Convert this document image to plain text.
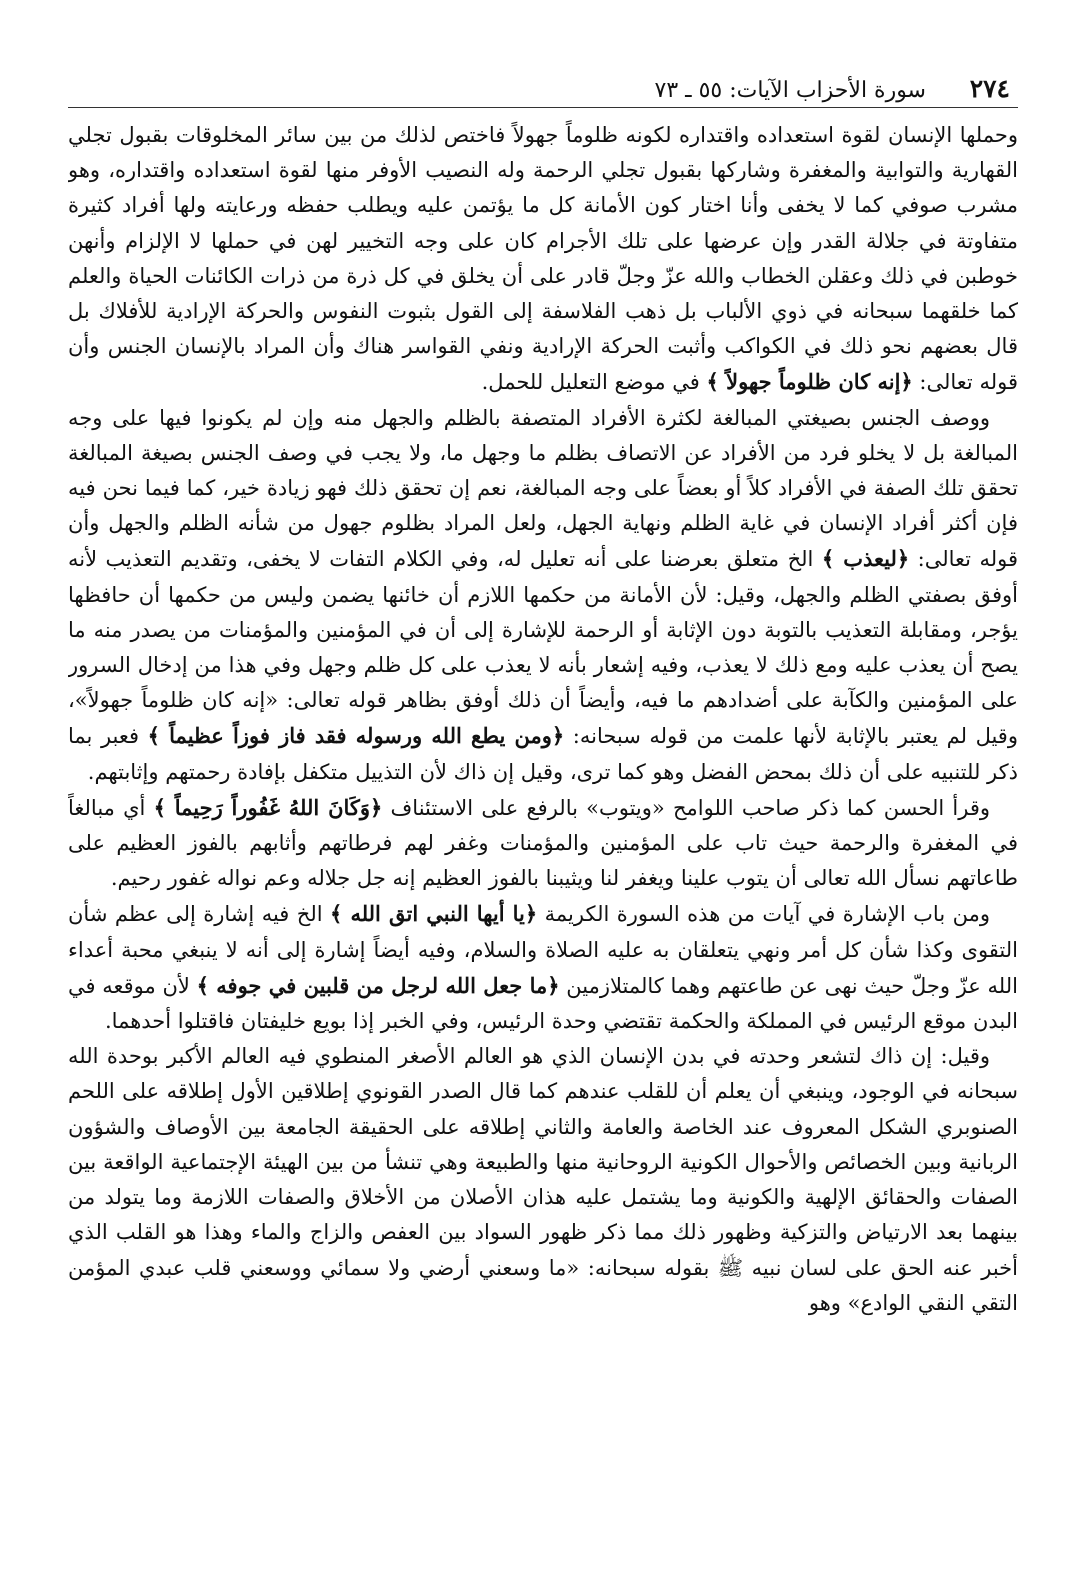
٢٧٤
سورة الأحزاب الآيات: ٥٥ ـ ٧٣

وحملها الإنسان لقوة استعداده واقتداره لكونه ظلوماً جهولاً فاختص لذلك من بين سائر المخلوقات بقبول تجلي القهارية والتوابية والمغفرة وشاركها بقبول تجلي الرحمة وله النصيب الأوفر منها لقوة استعداده واقتداره، وهو مشرب صوفي كما لا يخفى وأنا اختار كون الأمانة كل ما يؤتمن عليه ويطلب حفظه ورعايته ولها أفراد كثيرة متفاوتة في جلالة القدر وإن عرضها على تلك الأجرام كان على وجه التخيير لهن في حملها لا الإلزام وأنهن خوطبن في ذلك وعقلن الخطاب والله عزّ وجلّ قادر على أن يخلق في كل ذرة من ذرات الكائنات الحياة والعلم كما خلقهما سبحانه في ذوي الألباب بل ذهب الفلاسفة إلى القول بثبوت النفوس والحركة الإرادية للأفلاك بل قال بعضهم نحو ذلك في الكواكب وأثبت الحركة الإرادية ونفي القواسر هناك وأن المراد بالإنسان الجنس وأن قوله تعالى: ﴿إنه كان ظلوماً جهولاً ﴾ في موضع التعليل للحمل.

ووصف الجنس بصيغتي المبالغة لكثرة الأفراد المتصفة بالظلم والجهل منه وإن لم يكونوا فيها على وجه المبالغة بل لا يخلو فرد من الأفراد عن الاتصاف بظلم ما وجهل ما، ولا يجب في وصف الجنس بصيغة المبالغة تحقق تلك الصفة في الأفراد كلاً أو بعضاً على وجه المبالغة، نعم إن تحقق ذلك فهو زيادة خير، كما فيما نحن فيه فإن أكثر أفراد الإنسان في غاية الظلم ونهاية الجهل، ولعل المراد بظلوم جهول من شأنه الظلم والجهل وأن قوله تعالى: ﴿ليعذب ﴾ الخ متعلق بعرضنا على أنه تعليل له، وفي الكلام التفات لا يخفى، وتقديم التعذيب لأنه أوفق بصفتي الظلم والجهل، وقيل: لأن الأمانة من حكمها اللازم أن خائنها يضمن وليس من حكمها أن حافظها يؤجر، ومقابلة التعذيب بالتوبة دون الإثابة أو الرحمة للإشارة إلى أن في المؤمنين والمؤمنات من يصدر منه ما يصح أن يعذب عليه ومع ذلك لا يعذب، وفيه إشعار بأنه لا يعذب على كل ظلم وجهل وفي هذا من إدخال السرور على المؤمنين والكآبة على أضدادهم ما فيه، وأيضاً أن ذلك أوفق بظاهر قوله تعالى: «إنه كان ظلوماً جهولاً»، وقيل لم يعتبر بالإثابة لأنها علمت من قوله سبحانه: ﴿ومن يطع الله ورسوله فقد فاز فوزاً عظيماً ﴾ فعبر بما ذكر للتنبيه على أن ذلك بمحض الفضل وهو كما ترى، وقيل إن ذاك لأن التذييل متكفل بإفادة رحمتهم وإثابتهم.

وقرأ الحسن كما ذكر صاحب اللوامح «ويتوب» بالرفع على الاستئناف ﴿وَكَانَ اللهُ غَفُوراً رَحِيماً ﴾ أي مبالغاً في المغفرة والرحمة حيث تاب على المؤمنين والمؤمنات وغفر لهم فرطاتهم وأثابهم بالفوز العظيم على طاعاتهم نسأل الله تعالى أن يتوب علينا ويغفر لنا ويثيبنا بالفوز العظيم إنه جل جلاله وعم نواله غفور رحيم.

ومن باب الإشارة في آيات من هذه السورة الكريمة ﴿يا أيها النبي اتق الله ﴾ الخ فيه إشارة إلى عظم شأن التقوى وكذا شأن كل أمر ونهي يتعلقان به عليه الصلاة والسلام، وفيه أيضاً إشارة إلى أنه لا ينبغي محبة أعداء الله عزّ وجلّ حيث نهى عن طاعتهم وهما كالمتلازمين ﴿ما جعل الله لرجل من قلبين في جوفه ﴾ لأن موقعه في البدن موقع الرئيس في المملكة والحكمة تقتضي وحدة الرئيس، وفي الخبر إذا بويع خليفتان فاقتلوا أحدهما.

وقيل: إن ذاك لتشعر وحدته في بدن الإنسان الذي هو العالم الأصغر المنطوي فيه العالم الأكبر بوحدة الله سبحانه في الوجود، وينبغي أن يعلم أن للقلب عندهم كما قال الصدر القونوي إطلاقين الأول إطلاقه على اللحم الصنوبري الشكل المعروف عند الخاصة والعامة والثاني إطلاقه على الحقيقة الجامعة بين الأوصاف والشؤون الربانية وبين الخصائص والأحوال الكونية الروحانية منها والطبيعة وهي تنشأ من بين الهيئة الإجتماعية الواقعة بين الصفات والحقائق الإلهية والكونية وما يشتمل عليه هذان الأصلان من الأخلاق والصفات اللازمة وما يتولد من بينهما بعد الارتياض والتزكية وظهور ذلك مما ذكر ظهور السواد بين العفص والزاج والماء وهذا هو القلب الذي أخبر عنه الحق على لسان نبيه ﷺ بقوله سبحانه: «ما وسعني أرضي ولا سمائي ووسعني قلب عبدي المؤمن التقي النقي الوادع» وهو
